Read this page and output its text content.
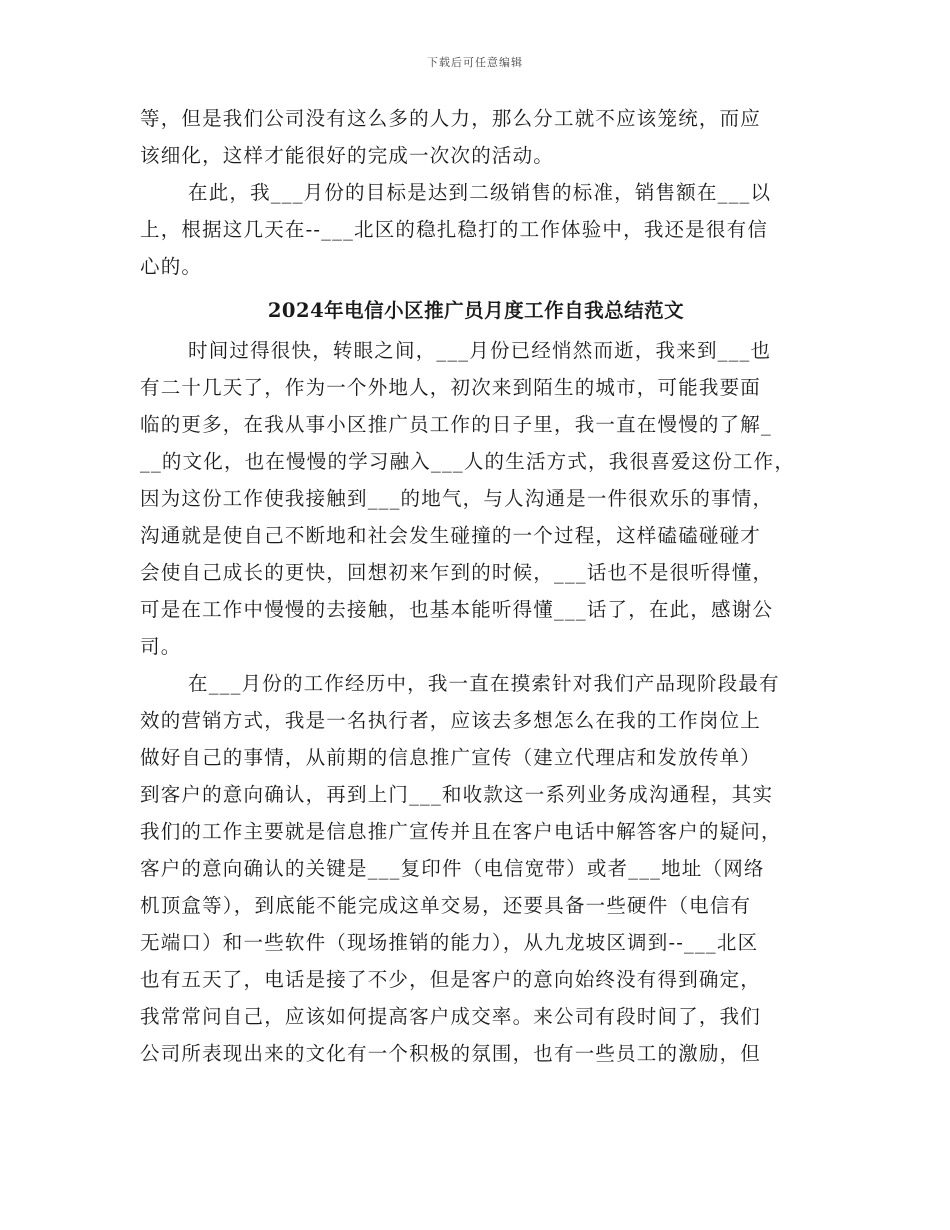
下载后可任意编辑
等，但是我们公司没有这么多的人力，那么分工就不应该笼统，而应
该细化，这样才能很好的完成一次次的活动。
在此，我___月份的目标是达到二级销售的标准，销售额在___以
上，根据这几天在--___北区的稳扎稳打的工作体验中，我还是很有信
心的。
2024年电信小区推广员月度工作自我总结范文
时间过得很快，转眼之间，___月份已经悄然而逝，我来到___也
有二十几天了，作为一个外地人，初次来到陌生的城市，可能我要面
临的更多，在我从事小区推广员工作的日子里，我一直在慢慢的了解_
__的文化，也在慢慢的学习融入___人的生活方式，我很喜爱这份工作，
因为这份工作使我接触到___的地气，与人沟通是一件很欢乐的事情，
沟通就是使自己不断地和社会发生碰撞的一个过程，这样磕磕碰碰才
会使自己成长的更快，回想初来乍到的时候，___话也不是很听得懂，
可是在工作中慢慢的去接触，也基本能听得懂___话了，在此，感谢公
司。
在___月份的工作经历中，我一直在摸索针对我们产品现阶段最有
效的营销方式，我是一名执行者，应该去多想怎么在我的工作岗位上
做好自己的事情，从前期的信息推广宣传（建立代理店和发放传单）
到客户的意向确认，再到上门___和收款这一系列业务成沟通程，其实
我们的工作主要就是信息推广宣传并且在客户电话中解答客户的疑问，
客户的意向确认的关键是___复印件（电信宽带）或者___地址（网络
机顶盒等），到底能不能完成这单交易，还要具备一些硬件（电信有
无端口）和一些软件（现场推销的能力），从九龙坡区调到--___北区
也有五天了，电话是接了不少，但是客户的意向始终没有得到确定，
我常常问自己，应该如何提高客户成交率。来公司有段时间了，我们
公司所表现出来的文化有一个积极的氛围，也有一些员工的激励，但
